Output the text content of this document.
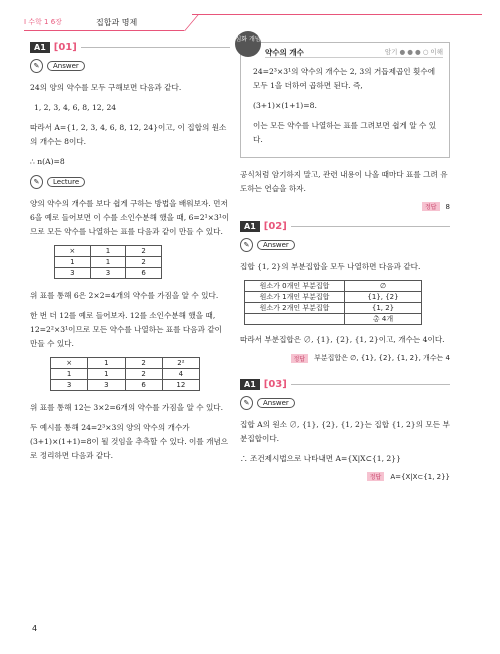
I 수학 1 6장	집합과 명제
A1 [01]
✎	Answer

24의 양의 약수를 모두 구해보면 다음과 같다.

1, 2, 3, 4, 6, 8, 12, 24

따라서 A={1, 2, 3, 4, 6, 8, 12, 24}이고, 이 집합의 원소의 개수는 8이다.

∴ n(A)=8

✎	Lecture

양의 약수의 개수를 보다 쉽게 구하는 방법을 배워보자. 먼저 6을 예로 들어보면 이 수를 소인수분해 했을 때, 6=2¹×3¹이므로 모든 약수를 나열하는 표를 다음과 같이 만들 수 있다.

×	1	2
1	1	2
3	3	6

위 표를 통해 6은 2×2=4개의 약수를 가짐을 알 수 있다.

한 번 더 12를 예로 들어보자. 12를 소인수분해 했을 때, 12=2²×3¹이므로 모든 약수를 나열하는 표를 다음과 같이 만들 수 있다.

×	1	2	2²
1	1	2	4
3	3	6	12

위 표를 통해 12는 3×2=6개의 약수를 가짐을 알 수 있다.

두 예시를 통해 24=2³×3의 양의 약수의 개수가 (3+1)×(1+1)=8이 될 것임을 추측할 수 있다. 이를 개념으로 정리하면 다음과 같다.

심화 개념
약수의 개수	암기 ● ● ● ○ 이해

24=2³×3¹의 약수의 개수는 2, 3의 거듭제곱인 횟수에 모두 1을 더하여 곱하면 된다. 즉,

(3+1)×(1+1)=8.

이는 모든 약수를 나열하는 표를 그려보면 쉽게 알 수 있다.

공식처럼 암기하지 말고, 관련 내용이 나올 때마다 표를 그려 유도하는 연습을 하자.

정답	8
A1 [02]
✎	Answer

집합 {1, 2}의 부분집합을 모두 나열하면 다음과 같다.

원소가 0개인 부분집합	∅
원소가 1개인 부분집합	{1}, {2}
원소가 2개인 부분집합	{1, 2}
	총 4개

따라서 부분집합은 ∅, {1}, {2}, {1, 2}이고, 개수는 4이다.

정답	부분집합은 ∅, {1}, {2}, {1, 2}, 개수는 4
A1 [03]
✎	Answer

집합 A의 원소 ∅, {1}, {2}, {1, 2}는 집합 {1, 2}의 모든 부분집합이다.

∴ 조건제시법으로 나타내면 A={X|X⊂{1, 2}}

정답	A={X|X⊂{1, 2}}
4
